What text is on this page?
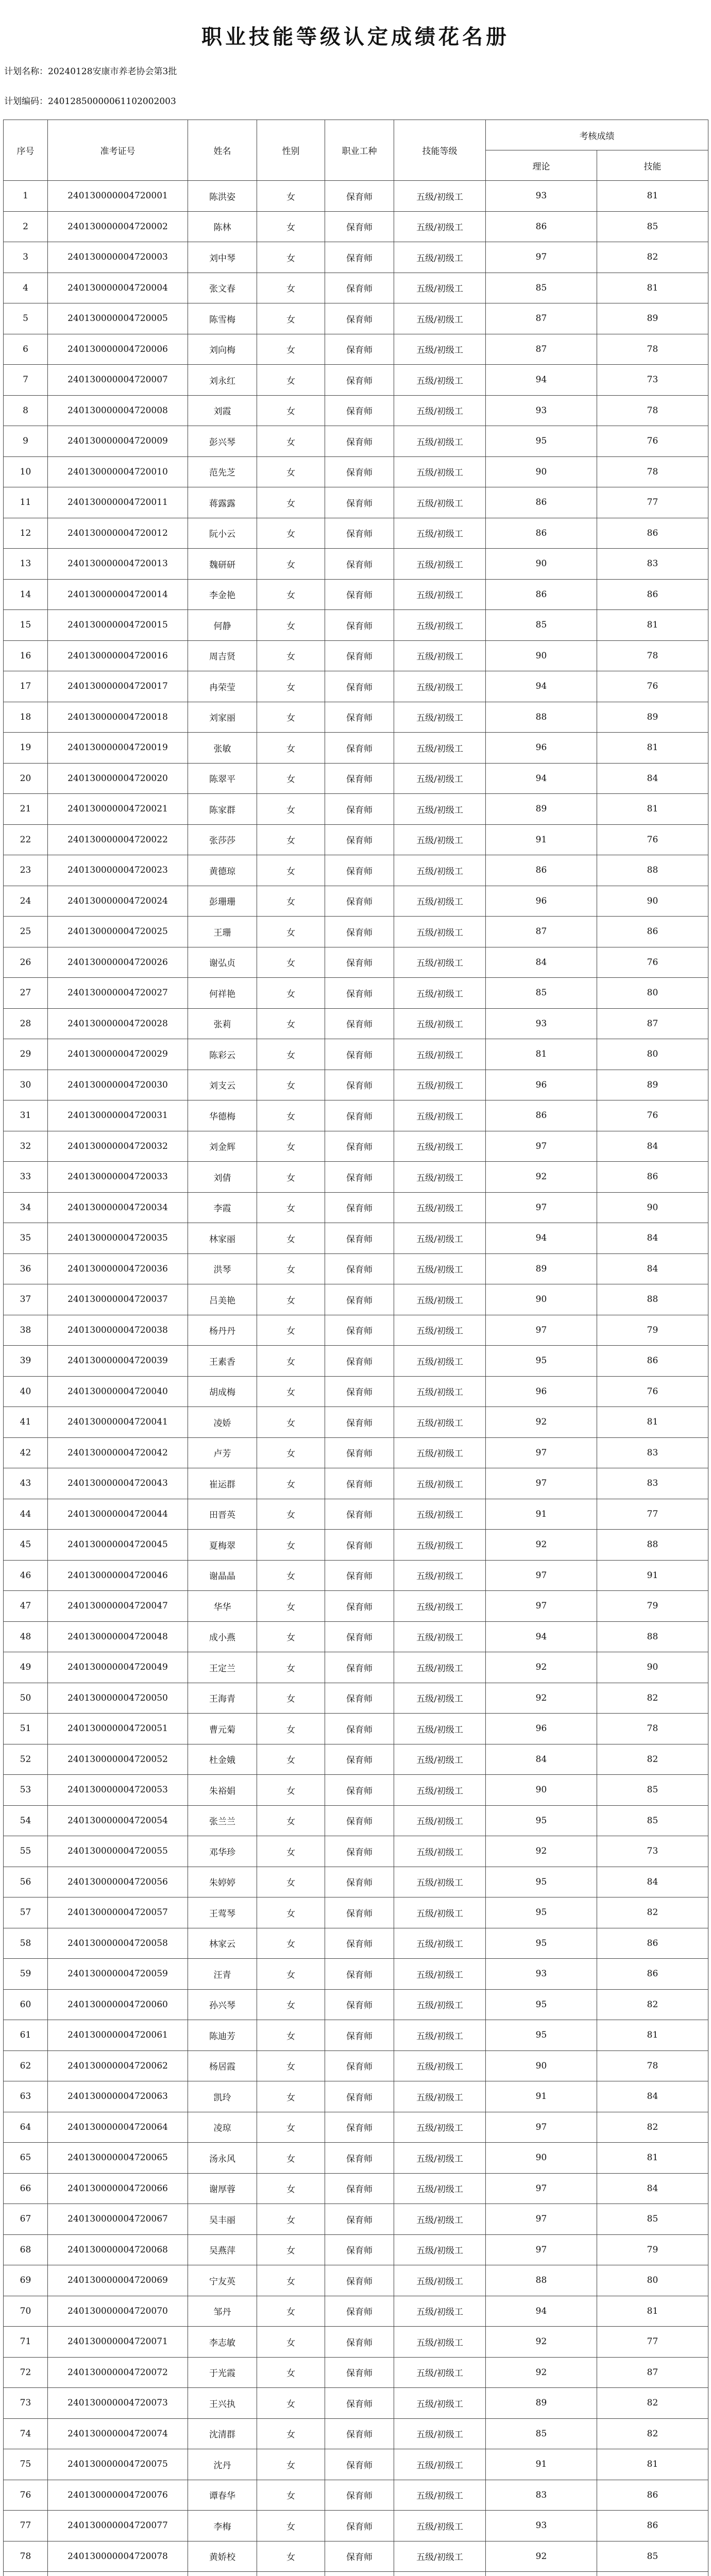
职业技能等级认定成绩花名册
计划名称：20240128安康市养老协会第3批
计划编码：24012850000061102002003
序号	准考证号	姓名	性别	职业工种	技能等级	考核成绩	
						理论	技能
1	240130000004720001	陈洪姿	女	保育师	五级/初级工	93	81
2	240130000004720002	陈林	女	保育师	五级/初级工	86	85
3	240130000004720003	刘中琴	女	保育师	五级/初级工	97	82
4	240130000004720004	张文春	女	保育师	五级/初级工	85	81
5	240130000004720005	陈雪梅	女	保育师	五级/初级工	87	89
6	240130000004720006	刘向梅	女	保育师	五级/初级工	87	78
7	240130000004720007	刘永红	女	保育师	五级/初级工	94	73
8	240130000004720008	刘霞	女	保育师	五级/初级工	93	78
9	240130000004720009	彭兴琴	女	保育师	五级/初级工	95	76
10	240130000004720010	范先芝	女	保育师	五级/初级工	90	78
11	240130000004720011	蒋露露	女	保育师	五级/初级工	86	77
12	240130000004720012	阮小云	女	保育师	五级/初级工	86	86
13	240130000004720013	魏研研	女	保育师	五级/初级工	90	83
14	240130000004720014	李金艳	女	保育师	五级/初级工	86	86
15	240130000004720015	何静	女	保育师	五级/初级工	85	81
16	240130000004720016	周吉贤	女	保育师	五级/初级工	90	78
17	240130000004720017	冉荣莹	女	保育师	五级/初级工	94	76
18	240130000004720018	刘家丽	女	保育师	五级/初级工	88	89
19	240130000004720019	张敏	女	保育师	五级/初级工	96	81
20	240130000004720020	陈翠平	女	保育师	五级/初级工	94	84
21	240130000004720021	陈家群	女	保育师	五级/初级工	89	81
22	240130000004720022	张莎莎	女	保育师	五级/初级工	91	76
23	240130000004720023	黄德琼	女	保育师	五级/初级工	86	88
24	240130000004720024	彭珊珊	女	保育师	五级/初级工	96	90
25	240130000004720025	王珊	女	保育师	五级/初级工	87	86
26	240130000004720026	谢弘贞	女	保育师	五级/初级工	84	76
27	240130000004720027	何祥艳	女	保育师	五级/初级工	85	80
28	240130000004720028	张莉	女	保育师	五级/初级工	93	87
29	240130000004720029	陈彩云	女	保育师	五级/初级工	81	80
30	240130000004720030	刘支云	女	保育师	五级/初级工	96	89
31	240130000004720031	华德梅	女	保育师	五级/初级工	86	76
32	240130000004720032	刘金辉	女	保育师	五级/初级工	97	84
33	240130000004720033	刘倩	女	保育师	五级/初级工	92	86
34	240130000004720034	李霞	女	保育师	五级/初级工	97	90
35	240130000004720035	林家丽	女	保育师	五级/初级工	94	84
36	240130000004720036	洪琴	女	保育师	五级/初级工	89	84
37	240130000004720037	吕美艳	女	保育师	五级/初级工	90	88
38	240130000004720038	杨丹丹	女	保育师	五级/初级工	97	79
39	240130000004720039	王素香	女	保育师	五级/初级工	95	86
40	240130000004720040	胡成梅	女	保育师	五级/初级工	96	76
41	240130000004720041	凌娇	女	保育师	五级/初级工	92	81
42	240130000004720042	卢芳	女	保育师	五级/初级工	97	83
43	240130000004720043	崔运群	女	保育师	五级/初级工	97	83
44	240130000004720044	田晋英	女	保育师	五级/初级工	91	77
45	240130000004720045	夏梅翠	女	保育师	五级/初级工	92	88
46	240130000004720046	谢晶晶	女	保育师	五级/初级工	97	91
47	240130000004720047	华华	女	保育师	五级/初级工	97	79
48	240130000004720048	成小燕	女	保育师	五级/初级工	94	88
49	240130000004720049	王定兰	女	保育师	五级/初级工	92	90
50	240130000004720050	王海青	女	保育师	五级/初级工	92	82
51	240130000004720051	曹元菊	女	保育师	五级/初级工	96	78
52	240130000004720052	杜金娥	女	保育师	五级/初级工	84	82
53	240130000004720053	朱裕娟	女	保育师	五级/初级工	90	85
54	240130000004720054	张兰兰	女	保育师	五级/初级工	95	85
55	240130000004720055	邓华珍	女	保育师	五级/初级工	92	73
56	240130000004720056	朱婷婷	女	保育师	五级/初级工	95	84
57	240130000004720057	王莺琴	女	保育师	五级/初级工	95	82
58	240130000004720058	林家云	女	保育师	五级/初级工	95	86
59	240130000004720059	汪青	女	保育师	五级/初级工	93	86
60	240130000004720060	孙兴琴	女	保育师	五级/初级工	95	82
61	240130000004720061	陈迪芳	女	保育师	五级/初级工	95	81
62	240130000004720062	杨居霞	女	保育师	五级/初级工	90	78
63	240130000004720063	凯玲	女	保育师	五级/初级工	91	84
64	240130000004720064	凌琼	女	保育师	五级/初级工	97	82
65	240130000004720065	汤永风	女	保育师	五级/初级工	90	81
66	240130000004720066	谢厚蓉	女	保育师	五级/初级工	97	84
67	240130000004720067	吴丰丽	女	保育师	五级/初级工	97	85
68	240130000004720068	吴燕萍	女	保育师	五级/初级工	97	79
69	240130000004720069	宁友英	女	保育师	五级/初级工	88	80
70	240130000004720070	邹丹	女	保育师	五级/初级工	94	81
71	240130000004720071	李志敏	女	保育师	五级/初级工	92	77
72	240130000004720072	于光霞	女	保育师	五级/初级工	92	87
73	240130000004720073	王兴执	女	保育师	五级/初级工	89	82
74	240130000004720074	沈清群	女	保育师	五级/初级工	85	82
75	240130000004720075	沈丹	女	保育师	五级/初级工	91	81
76	240130000004720076	谭春华	女	保育师	五级/初级工	83	86
77	240130000004720077	李梅	女	保育师	五级/初级工	93	86
78	240130000004720078	黄娇校	女	保育师	五级/初级工	92	85
